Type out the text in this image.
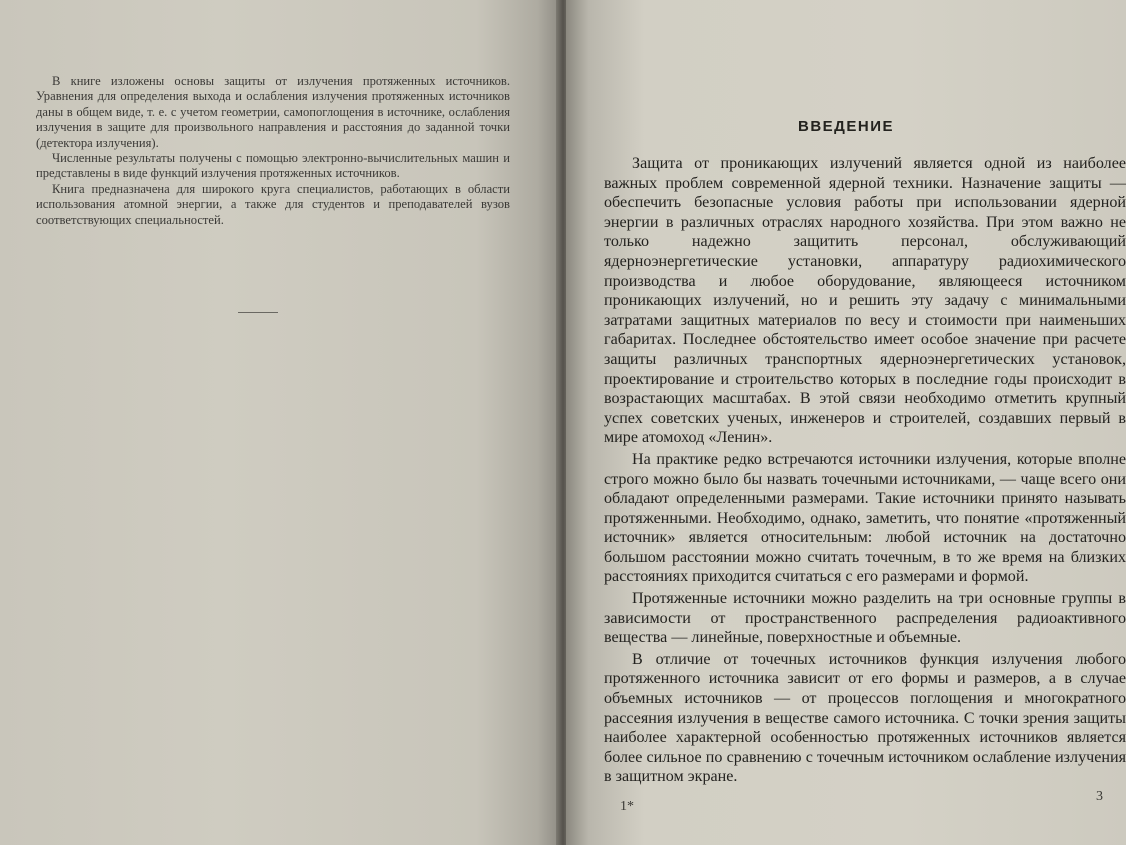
В книге изложены основы защиты от излучения протяженных источников. Уравнения для определения выхода и ослабления излучения протяженных источников даны в общем виде, т. е. с учетом геометрии, самопоглощения в источнике, ослабления излучения в защите для произвольного направления и расстояния до заданной точки (детектора излучения).

Численные результаты получены с помощью электронно-вычислительных машин и представлены в виде функций излучения протяженных источников.

Книга предназначена для широкого круга специалистов, работающих в области использования атомной энергии, а также для студентов и преподавателей вузов соответствующих специальностей.

ВВЕДЕНИЕ

Защита от проникающих излучений является одной из наиболее важных проблем современной ядерной техники. Назначение защиты — обеспечить безопасные условия работы при использовании ядерной энергии в различных отраслях народного хозяйства. При этом важно не только надежно защитить персонал, обслуживающий ядерноэнергетические установки, аппаратуру радиохимического производства и любое оборудование, являющееся источником проникающих излучений, но и решить эту задачу с минимальными затратами защитных материалов по весу и стоимости при наименьших габаритах. Последнее обстоятельство имеет особое значение при расчете защиты различных транспортных ядерноэнергетических установок, проектирование и строительство которых в последние годы происходит в возрастающих масштабах. В этой связи необходимо отметить крупный успех советских ученых, инженеров и строителей, создавших первый в мире атомоход «Ленин».

На практике редко встречаются источники излучения, которые вполне строго можно было бы назвать точечными источниками, — чаще всего они обладают определенными размерами. Такие источники принято называть протяженными. Необходимо, однако, заметить, что понятие «протяженный источник» является относительным: любой источник на достаточно большом расстоянии можно считать точечным, в то же время на близких расстояниях приходится считаться с его размерами и формой.

Протяженные источники можно разделить на три основные группы в зависимости от пространственного распределения радиоактивного вещества — линейные, поверхностные и объемные.

В отличие от точечных источников функция излучения любого протяженного источника зависит от его формы и размеров, а в случае объемных источников — от процессов поглощения и многократного рассеяния излучения в веществе самого источника. С точки зрения защиты наиболее характерной особенностью протяженных источников является более сильное по сравнению с точечным источником ослабление излучения в защитном экране.

1*
3
